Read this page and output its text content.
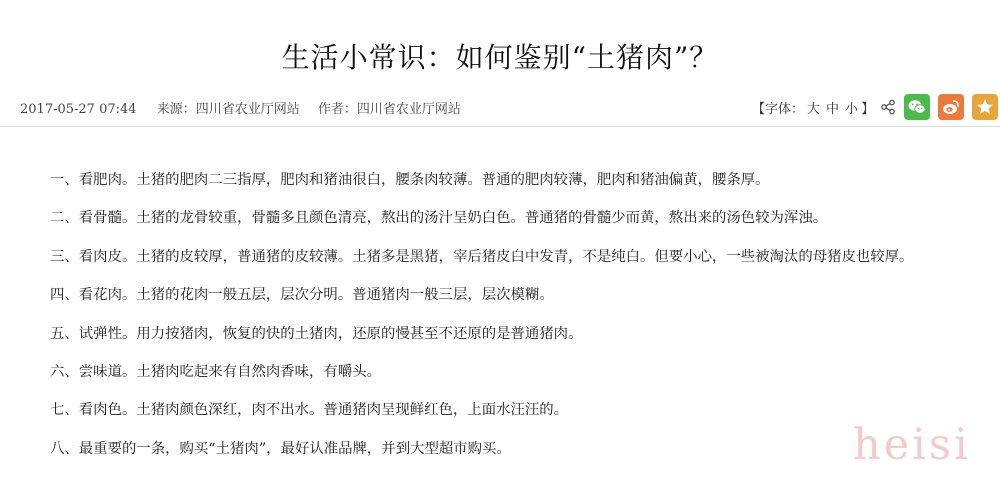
生活小常识：如何鉴别“土猪肉”？
2017-05-27 07:44 来源：四川省农业厅网站 作者：四川省农业厅网站	【字体： 大 中 小 】

一、看肥肉。土猪的肥肉二三指厚，肥肉和猪油很白，腰条肉较薄。普通的肥肉较薄，肥肉和猪油偏黄，腰条厚。

二、看骨髓。土猪的龙骨较重，骨髓多且颜色清亮，熬出的汤汁呈奶白色。普通猪的骨髓少而黄，熬出来的汤色较为浑浊。

三、看肉皮。土猪的皮较厚，普通猪的皮较薄。土猪多是黑猪，宰后猪皮白中发青，不是纯白。但要小心，一些被淘汰的母猪皮也较厚。

四、看花肉。土猪的花肉一般五层，层次分明。普通猪肉一般三层，层次模糊。

五、试弹性。用力按猪肉，恢复的快的土猪肉，还原的慢甚至不还原的是普通猪肉。

六、尝味道。土猪肉吃起来有自然肉香味，有嚼头。

七、看肉色。土猪肉颜色深红，肉不出水。普通猪肉呈现鲜红色，上面水汪汪的。

八、最重要的一条，购买“土猪肉”，最好认准品牌，并到大型超市购买。	heisi
